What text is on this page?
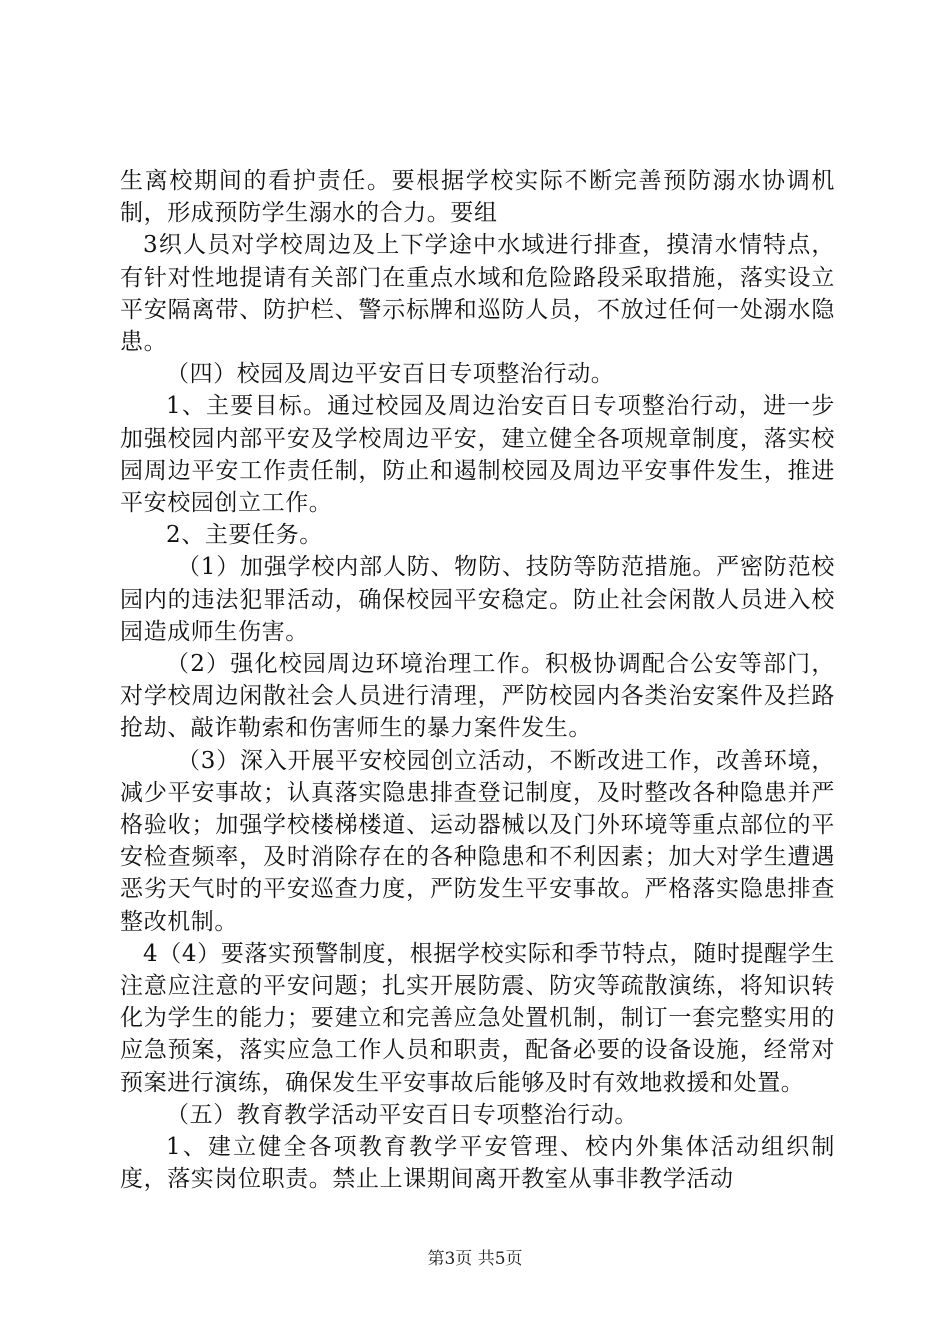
生离校期间的看护责任。要根据学校实际不断完善预防溺水协调机制，形成预防学生溺水的合力。要组

3织人员对学校周边及上下学途中水域进行排查，摸清水情特点，有针对性地提请有关部门在重点水域和危险路段采取措施，落实设立平安隔离带、防护栏、警示标牌和巡防人员，不放过任何一处溺水隐患。

（四）校园及周边平安百日专项整治行动。

1、主要目标。通过校园及周边治安百日专项整治行动，进一步加强校园内部平安及学校周边平安，建立健全各项规章制度，落实校园周边平安工作责任制，防止和遏制校园及周边平安事件发生，推进平安校园创立工作。

2、主要任务。

（1）加强学校内部人防、物防、技防等防范措施。严密防范校园内的违法犯罪活动，确保校园平安稳定。防止社会闲散人员进入校园造成师生伤害。

（2）强化校园周边环境治理工作。积极协调配合公安等部门，对学校周边闲散社会人员进行清理，严防校园内各类治安案件及拦路抢劫、敲诈勒索和伤害师生的暴力案件发生。

（3）深入开展平安校园创立活动，不断改进工作，改善环境，减少平安事故；认真落实隐患排查登记制度，及时整改各种隐患并严格验收；加强学校楼梯楼道、运动器械以及门外环境等重点部位的平安检查频率，及时消除存在的各种隐患和不利因素；加大对学生遭遇恶劣天气时的平安巡查力度，严防发生平安事故。严格落实隐患排查整改机制。

4（4）要落实预警制度，根据学校实际和季节特点，随时提醒学生注意应注意的平安问题；扎实开展防震、防灾等疏散演练，将知识转化为学生的能力；要建立和完善应急处置机制，制订一套完整实用的应急预案，落实应急工作人员和职责，配备必要的设备设施，经常对预案进行演练，确保发生平安事故后能够及时有效地救援和处置。

（五）教育教学活动平安百日专项整治行动。

1、建立健全各项教育教学平安管理、校内外集体活动组织制度，落实岗位职责。禁止上课期间离开教室从事非教学活动

第3页 共5页
